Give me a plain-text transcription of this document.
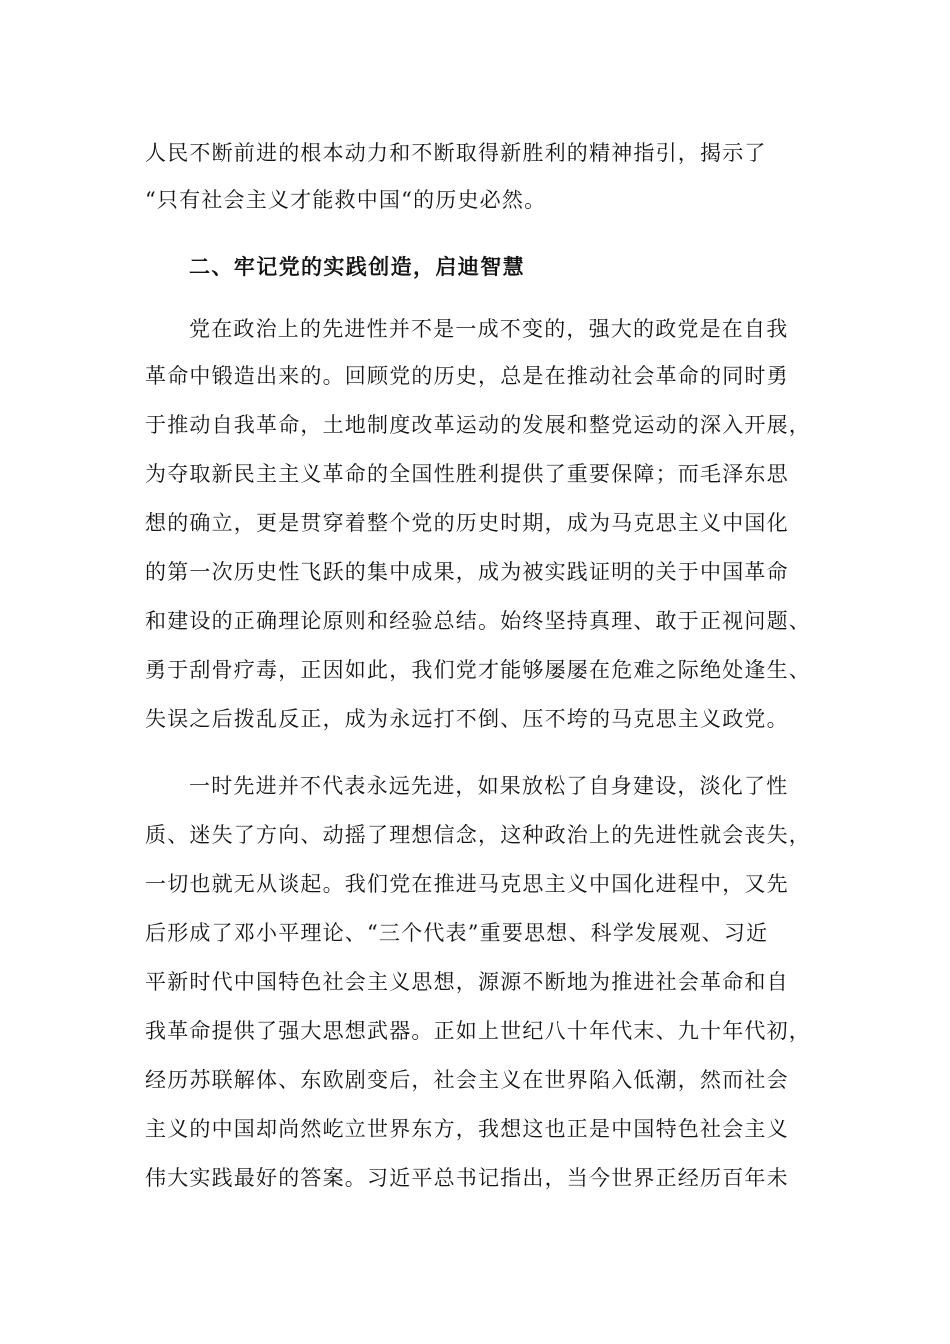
人民不断前进的根本动力和不断取得新胜利的精神指引，揭示了
“只有社会主义才能救中国“的历史必然。
二、牢记党的实践创造，启迪智慧
党在政治上的先进性并不是一成不变的，强大的政党是在自我
革命中锻造出来的。回顾党的历史，总是在推动社会革命的同时勇
于推动自我革命，土地制度改革运动的发展和整党运动的深入开展，
为夺取新民主主义革命的全国性胜利提供了重要保障；而毛泽东思
想的确立，更是贯穿着整个党的历史时期，成为马克思主义中国化
的第一次历史性飞跃的集中成果，成为被实践证明的关于中国革命
和建设的正确理论原则和经验总结。始终坚持真理、敢于正视问题、
勇于刮骨疗毒，正因如此，我们党才能够屡屡在危难之际绝处逢生、
失误之后拨乱反正，成为永远打不倒、压不垮的马克思主义政党。
一时先进并不代表永远先进，如果放松了自身建设，淡化了性
质、迷失了方向、动摇了理想信念，这种政治上的先进性就会丧失，
一切也就无从谈起。我们党在推进马克思主义中国化进程中，又先
后形成了邓小平理论、“三个代表”重要思想、科学发展观、习近
平新时代中国特色社会主义思想，源源不断地为推进社会革命和自
我革命提供了强大思想武器。正如上世纪八十年代末、九十年代初，
经历苏联解体、东欧剧变后，社会主义在世界陷入低潮，然而社会
主义的中国却尚然屹立世界东方，我想这也正是中国特色社会主义
伟大实践最好的答案。习近平总书记指出，当今世界正经历百年未
